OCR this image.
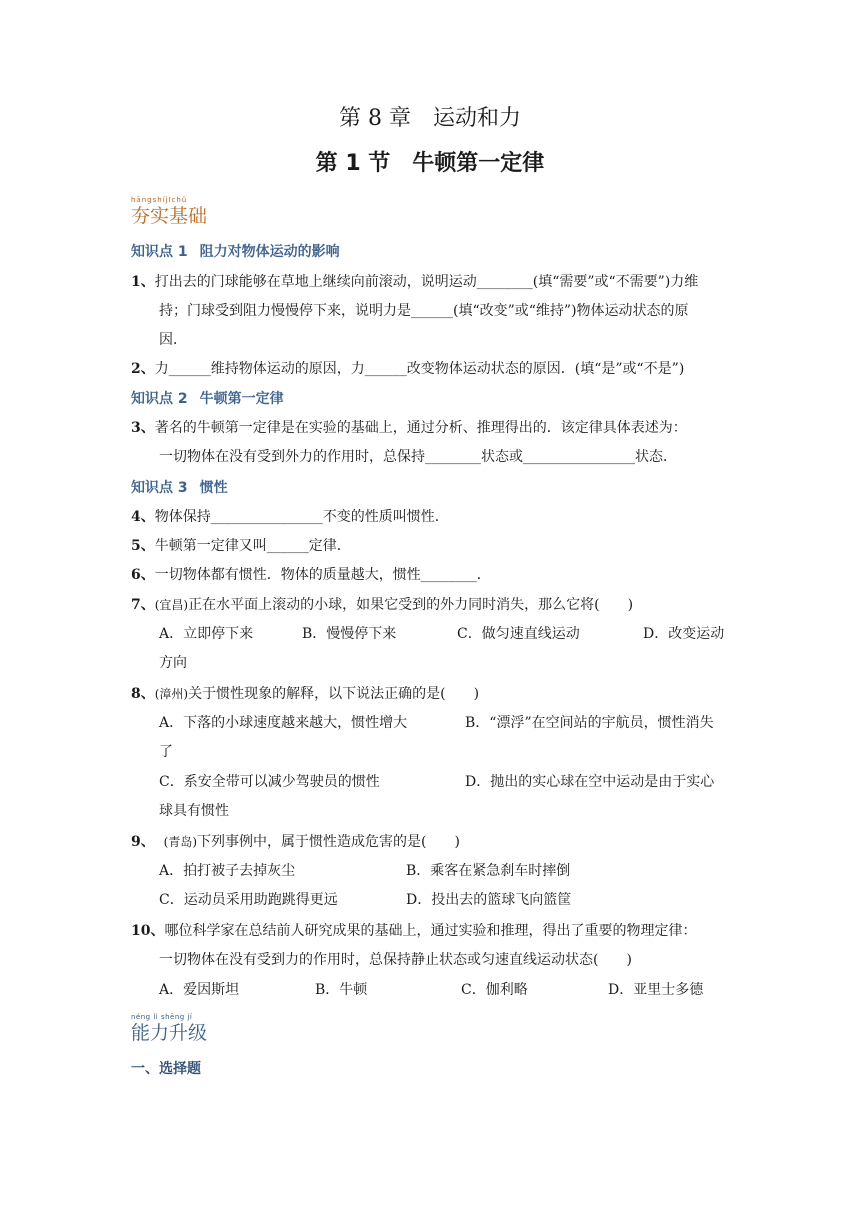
第 8 章　运动和力
第 1 节　牛顿第一定律
hāngshíjīchǔ
夯实基础
知识点 1 阻力对物体运动的影响
1、打出去的门球能够在草地上继续向前滚动，说明运动________(填“需要”或“不需要”)力维
持；门球受到阻力慢慢停下来，说明力是______(填“改变”或“维持”)物体运动状态的原
因．
2、力______维持物体运动的原因，力______改变物体运动状态的原因．(填“是”或“不是”)
知识点 2 牛顿第一定律
3、著名的牛顿第一定律是在实验的基础上，通过分析、推理得出的．该定律具体表述为：
一切物体在没有受到外力的作用时，总保持________状态或________________状态．
知识点 3 惯性
4、物体保持________________不变的性质叫惯性．
5、牛顿第一定律又叫______定律．
6、一切物体都有惯性．物体的质量越大，惯性________．
7、(宜昌)正在水平面上滚动的小球，如果它受到的外力同时消失，那么它将(　　)
A．立即停下来	B．慢慢停下来	C．做匀速直线运动	D．改变运动
方向
8、(漳州)关于惯性现象的解释，以下说法正确的是(　　)
A．下落的小球速度越来越大，惯性增大	B．“漂浮”在空间站的宇航员，惯性消失
了
C．系安全带可以减少驾驶员的惯性	D．抛出的实心球在空中运动是由于实心
球具有惯性
9、 (青岛)下列事例中，属于惯性造成危害的是(　　)
A．拍打被子去掉灰尘	B．乘客在紧急刹车时摔倒
C．运动员采用助跑跳得更远	D．投出去的篮球飞向篮筐
10、哪位科学家在总结前人研究成果的基础上，通过实验和推理，得出了重要的物理定律：
一切物体在没有受到力的作用时，总保持静止状态或匀速直线运动状态(　　)
A．爱因斯坦	B．牛顿	C．伽利略	D．亚里士多德
néng lì shēng jí
能力升级
一、选择题
